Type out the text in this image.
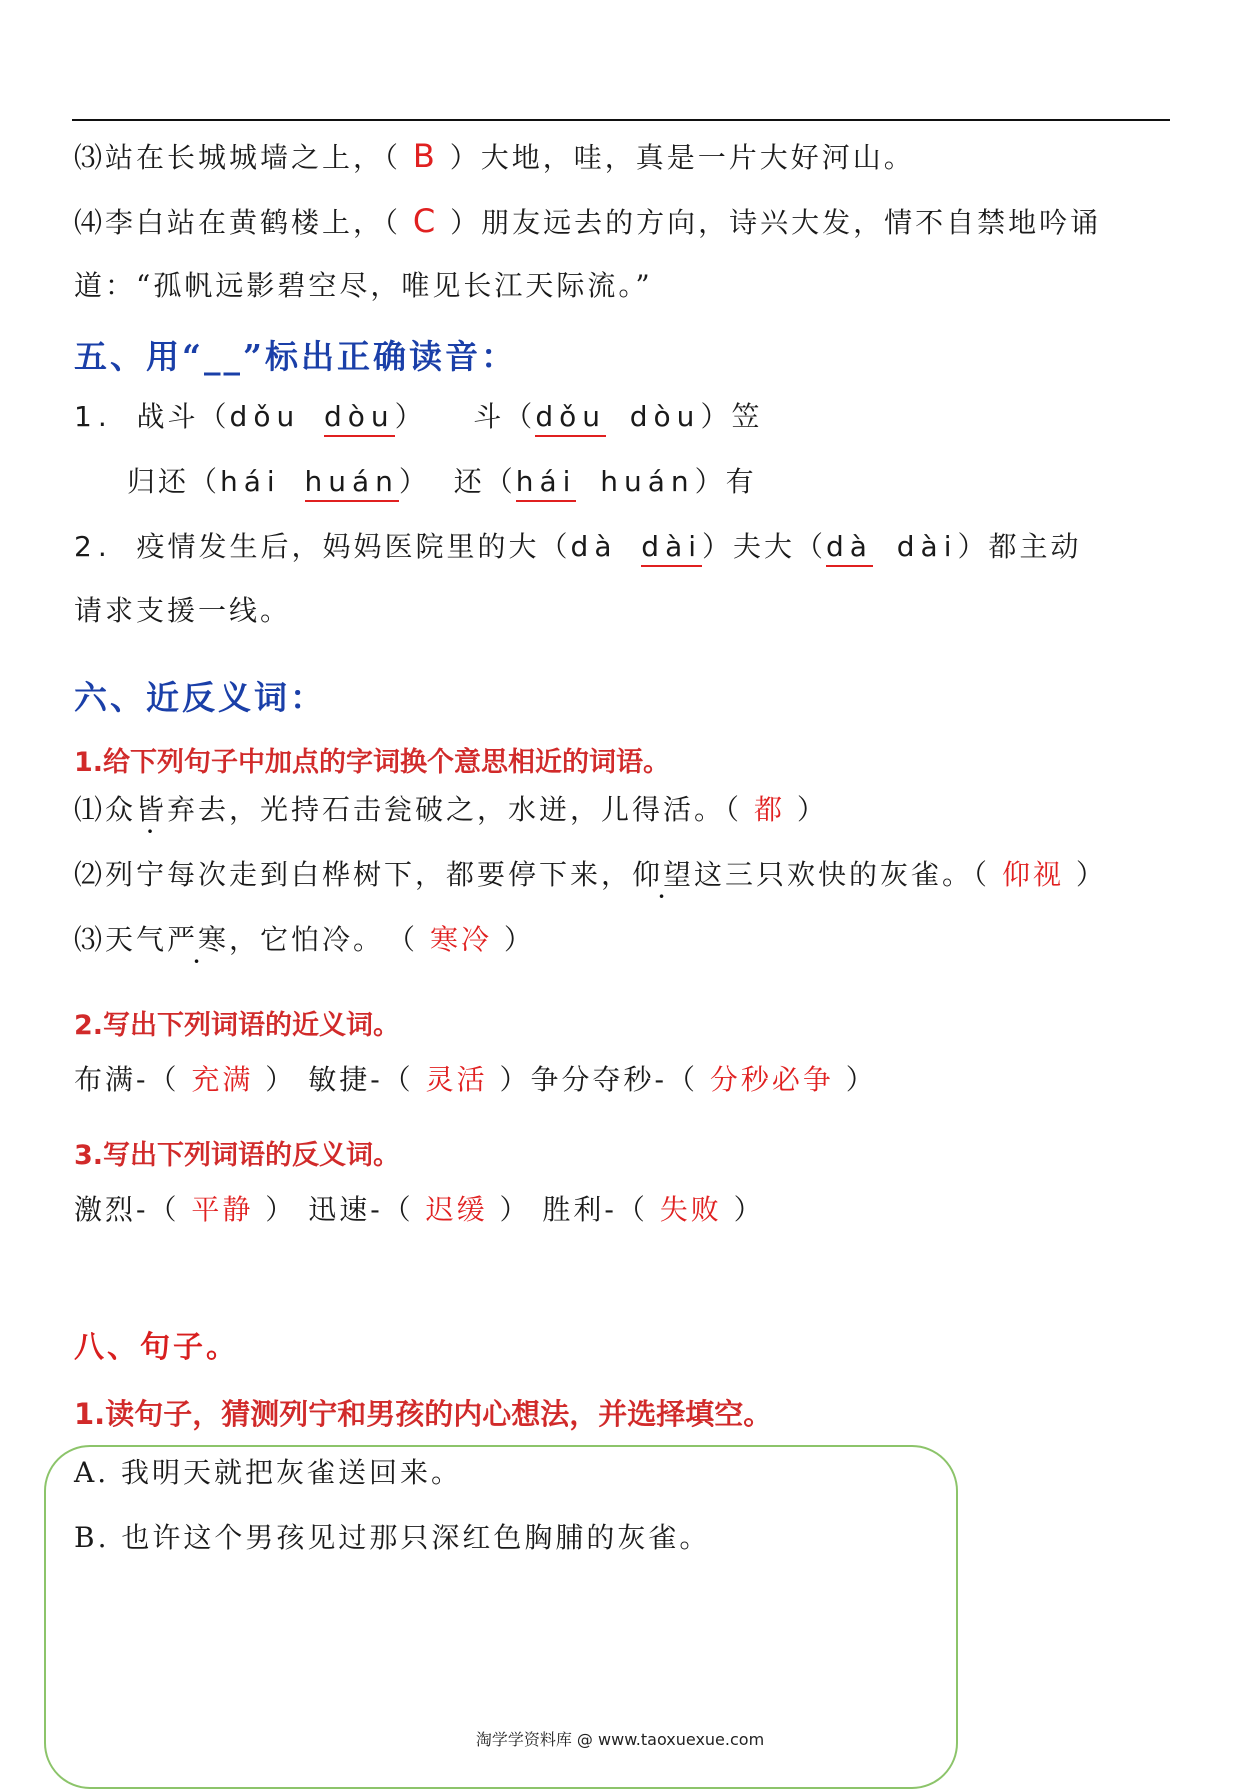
⑶站在长城城墙之上，（ B ）大地，哇，真是一片大好河山。
⑷李白站在黄鹤楼上，（ C ）朋友远去的方向，诗兴大发，情不自禁地吟诵
道：“孤帆远影碧空尽，唯见长江天际流。”
五、用“__”标出正确读音：
1. 战斗（dǒu dòu） 斗（dǒu dòu）笠
归还（hái huán） 还（hái huán）有
2. 疫情发生后，妈妈医院里的大（dà dài）夫大（dà dài）都主动
请求支援一线。
六、近反义词：
1.给下列句子中加点的字词换个意思相近的词语。
⑴众皆弃去，光持石击瓮破之，水迸，儿得活。（ 都 ）
⑵列宁每次走到白桦树下，都要停下来，仰望这三只欢快的灰雀。（ 仰视 ）
⑶天气严寒，它怕冷。　（ 寒冷 ）
2.写出下列词语的近义词。
布满-（ 充满 ） 敏捷-（ 灵活 ）争分夺秒-（ 分秒必争 ）
3.写出下列词语的反义词。
激烈-（ 平静 ） 迅速-（ 迟缓 ） 胜利-（ 失败 ）
八、句子。
1.读句子，猜测列宁和男孩的内心想法，并选择填空。
A. 我明天就把灰雀送回来。
B. 也许这个男孩见过那只深红色胸脯的灰雀。
淘学学资料库 @ www.taoxuexue.com
